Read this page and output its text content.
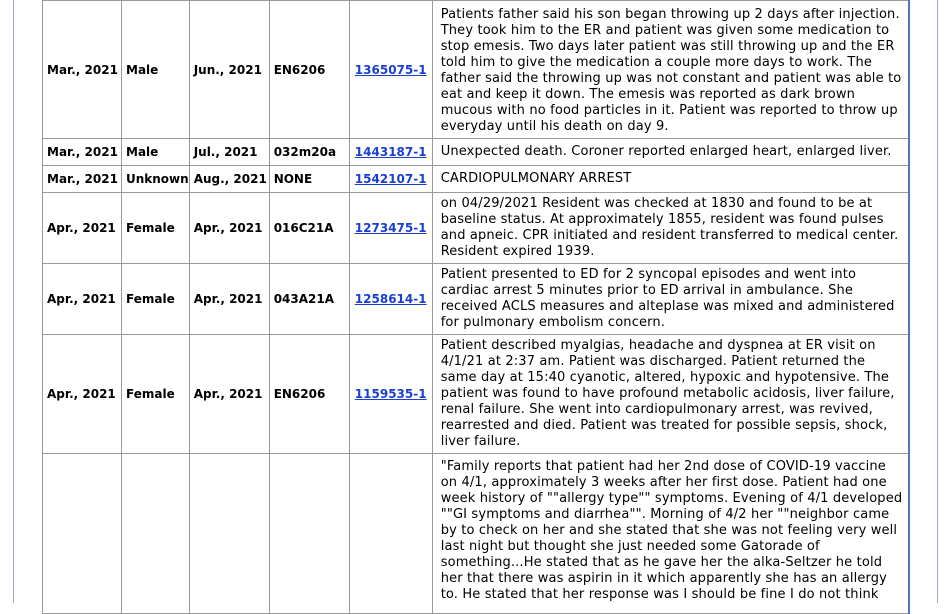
Mar., 2021	Male	Jun., 2021	EN6206	1365075-1	Patients father said his son began throwing up 2 days after injection. They took him to the ER and patient was given some medication to stop emesis. Two days later patient was still throwing up and the ER told him to give the medication a couple more days to work. The father said the throwing up was not constant and patient was able to eat and keep it down. The emesis was reported as dark brown mucous with no food particles in it. Patient was reported to throw up everyday until his death on day 9.
Mar., 2021	Male	Jul., 2021	032m20a	1443187-1	Unexpected death. Coroner reported enlarged heart, enlarged liver.
Mar., 2021	Unknown	Aug., 2021	NONE	1542107-1	CARDIOPULMONARY ARREST
Apr., 2021	Female	Apr., 2021	016C21A	1273475-1	on 04/29/2021 Resident was checked at 1830 and found to be at baseline status. At approximately 1855, resident was found pulses and apneic. CPR initiated and resident transferred to medical center. Resident expired 1939.
Apr., 2021	Female	Apr., 2021	043A21A	1258614-1	Patient presented to ED for 2 syncopal episodes and went into cardiac arrest 5 minutes prior to ED arrival in ambulance. She received ACLS measures and alteplase was mixed and administered for pulmonary embolism concern.
Apr., 2021	Female	Apr., 2021	EN6206	1159535-1	Patient described myalgias, headache and dyspnea at ER visit on 4/1/21 at 2:37 am. Patient was discharged. Patient returned the same day at 15:40 cyanotic, altered, hypoxic and hypotensive. The patient was found to have profound metabolic acidosis, liver failure, renal failure. She went into cardiopulmonary arrest, was revived, rearrested and died. Patient was treated for possible sepsis, shock, liver failure.
					"Family reports that patient had her 2nd dose of COVID-19 vaccine on 4/1, approximately 3 weeks after her first dose. Patient had one week history of ""allergy type"" symptoms. Evening of 4/1 developed ""GI symptoms and diarrhea"". Morning of 4/2 her ""neighbor came by to check on her and she stated that she was not feeling very well last night but thought she just needed some Gatorade of something...He stated that as he gave her the alka-Seltzer he told her that there was aspirin in it which apparently she has an allergy to. He stated that her response was I should be fine I do not think
